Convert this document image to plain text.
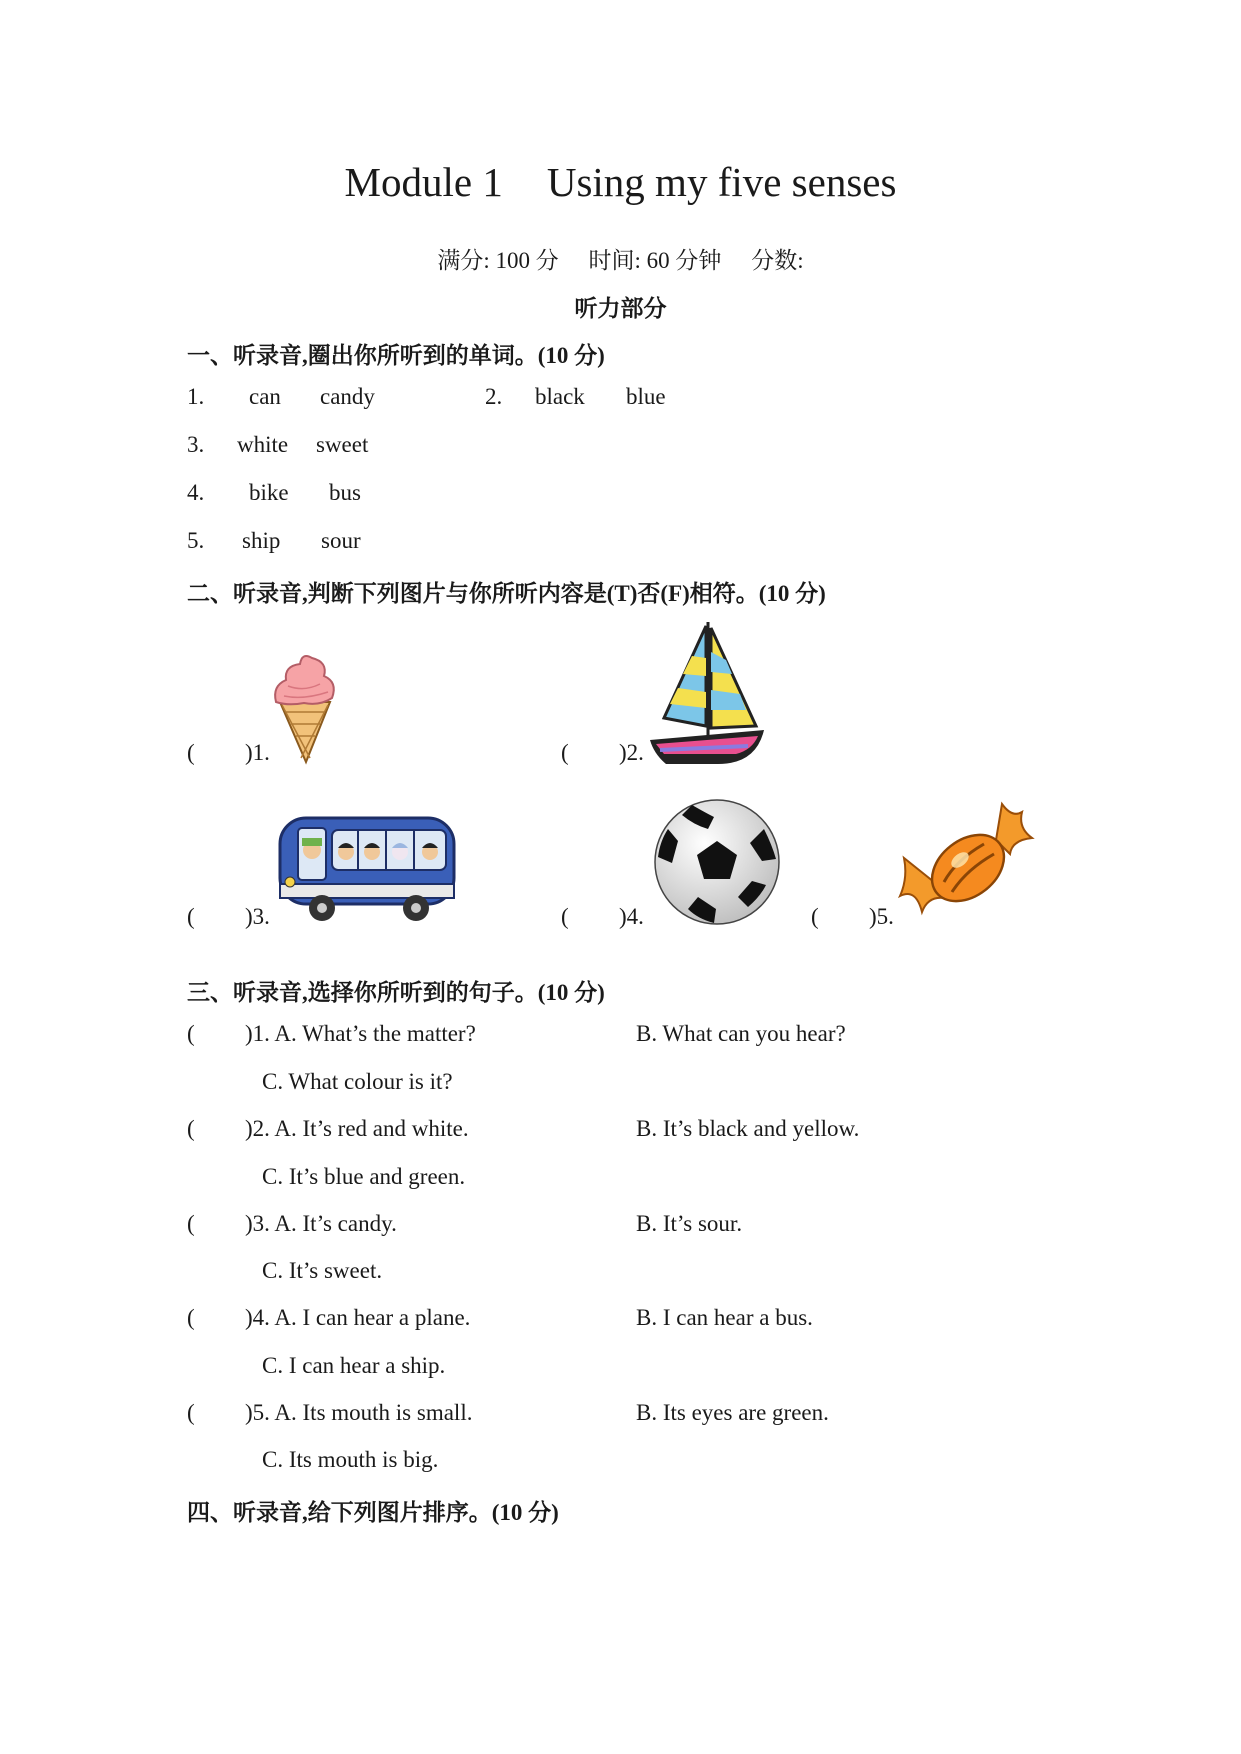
Module 1 Using my five senses
满分: 100 分 时间: 60 分钟 分数:
听力部分
一、听录音,圈出你所听到的单词。(10 分)
1. can candy	2. black blue
3. white sweet
4. bike bus
5. ship sour
二、听录音,判断下列图片与你所听内容是(T)否(F)相符。(10 分)
( )1.	( )2.
( )3.	( )4.	( )5.
三、听录音,选择你所听到的句子。(10 分)
( )1. A. What’s the matter?	B. What can you hear?
C. What colour is it?
( )2. A. It’s red and white.	B. It’s black and yellow.
C. It’s blue and green.
( )3. A. It’s candy.	B. It’s sour.
C. It’s sweet.
( )4. A. I can hear a plane.	B. I can hear a bus.
C. I can hear a ship.
( )5. A. Its mouth is small.	B. Its eyes are green.
C. Its mouth is big.
四、听录音,给下列图片排序。(10 分)
